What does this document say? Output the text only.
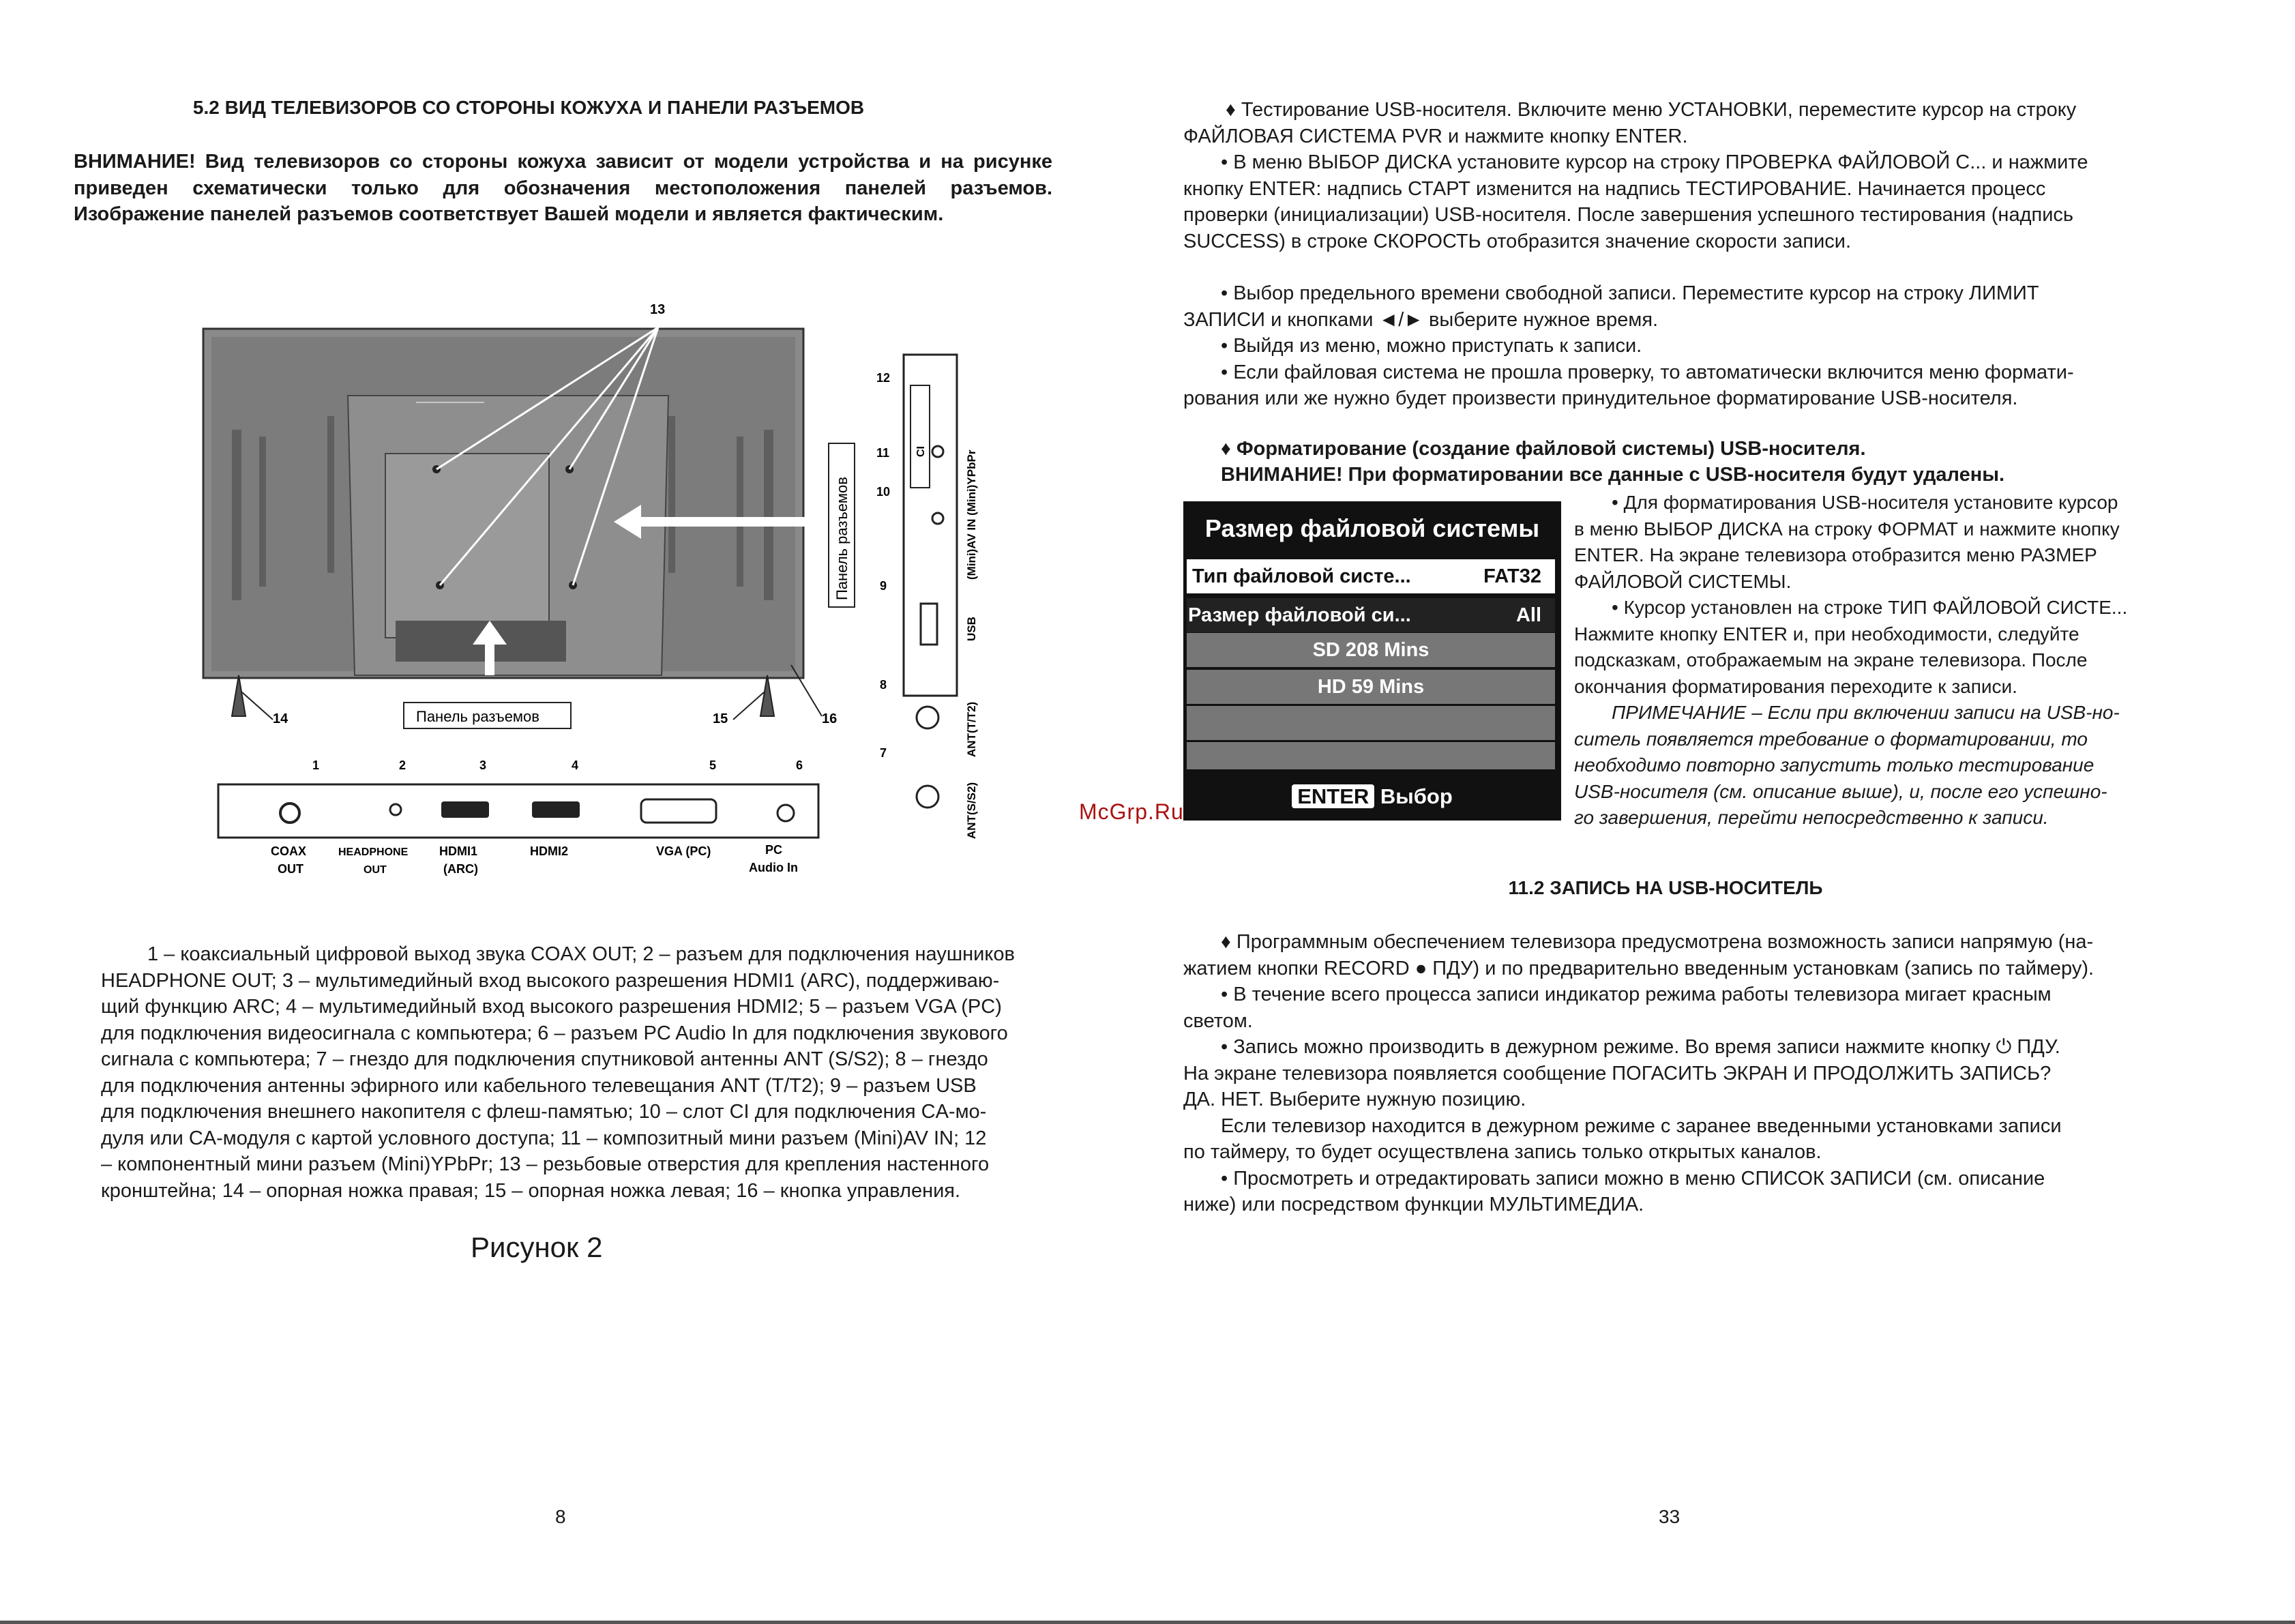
5.2 ВИД ТЕЛЕВИЗОРОВ СО СТОРОНЫ КОЖУХА И ПАНЕЛИ РАЗЪЕМОВ
ВНИМАНИЕ! Вид телевизоров со стороны кожуха зависит от модели устройства и на рисунке приведен схематически только для обозначения местоположения панелей разъемов. Изображение панелей разъемов соответствует Вашей модели и является фактическим.
13
14	15	16
Панель разъемов
Панель разъемов
CI
12
11
10
9
8
7
(Mini)AV IN (Mini)YPbPr
USB
ANT(T/T2)
ANT(S/S2)
1	2	3	4	5	6
COAX
OUT
HEADPHONE
OUT
HDMI1
(ARC)
HDMI2	VGA (PC)	PC
Audio In
1 – коаксиальный цифровой выход звука COAX OUT; 2 – разъем для подключения наушников
HEADPHONE OUT; 3 – мультимедийный вход высокого разрешения HDMI1 (ARC), поддерживаю-
щий функцию ARC; 4 – мультимедийный вход высокого разрешения HDMI2; 5 – разъем VGA (PC)
для подключения видеосигнала с компьютера; 6 – разъем PC Audio In для подключения звукового
сигнала с компьютера; 7 – гнездо для подключения спутниковой антенны ANT (S/S2); 8 – гнездо
для подключения антенны эфирного или кабельного телевещания ANT (T/T2); 9 – разъем USB
для подключения внешнего накопителя с флеш-памятью; 10 – слот CI для подключения CA-мо-
дуля или CA-модуля с картой условного доступа; 11 – композитный мини разъем (Mini)AV IN; 12
– компонентный мини разъем (Mini)YPbPr; 13 – резьбовые отверстия для крепления настенного
кронштейна; 14 – опорная ножка правая; 15 – опорная ножка левая; 16 – кнопка управления.
Рисунок 2
8
♦ Тестирование USB-носителя. Включите меню УСТАНОВКИ, переместите курсор на строку
ФАЙЛОВАЯ СИСТЕМА PVR и нажмите кнопку ENTER.
• В меню ВЫБОР ДИСКА установите курсор на строку ПРОВЕРКА ФАЙЛОВОЙ С... и нажмите
кнопку ENTER: надпись СТАРТ изменится на надпись ТЕСТИРОВАНИЕ. Начинается процесс
проверки (инициализации) USB-носителя. После завершения успешного тестирования (надпись
SUCCESS) в строке СКОРОСТЬ отобразится значение скорости записи.
• Выбор предельного времени свободной записи. Переместите курсор на строку ЛИМИТ
ЗАПИСИ и кнопками ◄/► выберите нужное время.
• Выйдя из меню, можно приступать к записи.
• Если файловая система не прошла проверку, то автоматически включится меню формати-
рования или же нужно будет произвести принудительное форматирование USB-носителя.
♦ Форматирование (создание файловой системы) USB-носителя.
ВНИМАНИЕ! При форматировании все данные с USB-носителя будут удалены.
Размер файловой системы
Тип файловой систе...	FAT32
Размер файловой си...	All
SD 208 Mins
HD 59 Mins
ENTER Выбор
• Для форматирования USB-носителя установите курсор
в меню ВЫБОР ДИСКА на строку ФОРМАТ и нажмите кнопку
ENTER. На экране телевизора отобразится меню РАЗМЕР
ФАЙЛОВОЙ СИСТЕМЫ.
• Курсор установлен на строке ТИП ФАЙЛОВОЙ СИСТЕ...
Нажмите кнопку ENTER и, при необходимости, следуйте
подсказкам, отображаемым на экране телевизора. После
окончания форматирования переходите к записи.
ПРИМЕЧАНИЕ – Если при включении записи на USB-но-
ситель появляется требование о форматировании, то
необходимо повторно запустить только тестирование
USB-носителя (см. описание выше), и, после его успешно-
го завершения, перейти непосредственно к записи.
McGrp.Ru
11.2 ЗАПИСЬ НА USB-НОСИТЕЛЬ
♦ Программным обеспечением телевизора предусмотрена возможность записи напрямую (на-
жатием кнопки RECORD ● ПДУ) и по предварительно введенным установкам (запись по таймеру).
• В течение всего процесса записи индикатор режима работы телевизора мигает красным
светом.
• Запись можно производить в дежурном режиме. Во время записи нажмите кнопку ⏻ ПДУ.
На экране телевизора появляется сообщение ПОГАСИТЬ ЭКРАН И ПРОДОЛЖИТЬ ЗАПИСЬ?
ДА. НЕТ. Выберите нужную позицию.
Если телевизор находится в дежурном режиме с заранее введенными установками записи
по таймеру, то будет осуществлена запись только открытых каналов.
• Просмотреть и отредактировать записи можно в меню СПИСОК ЗАПИСИ (см. описание
ниже) или посредством функции МУЛЬТИМЕДИА.
33
